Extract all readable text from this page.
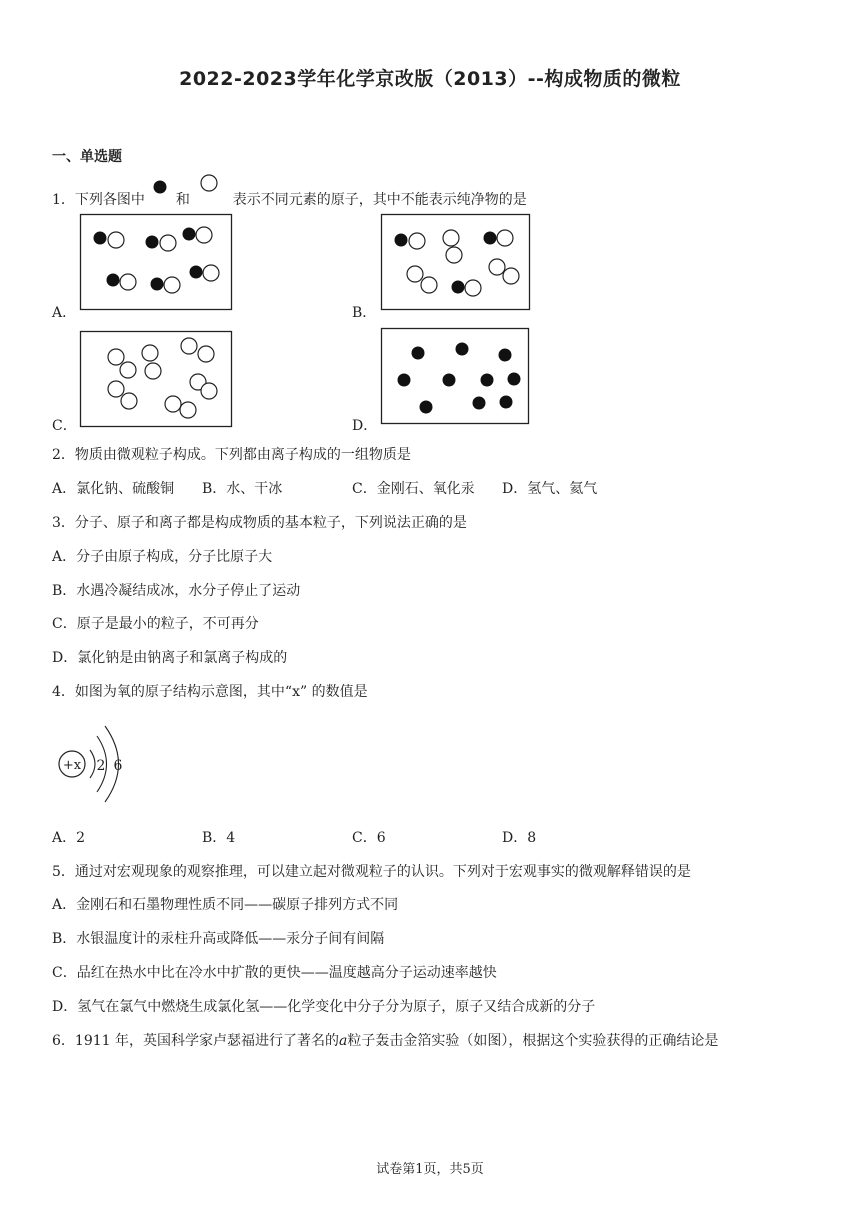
2022-2023学年化学京改版（2013）--构成物质的微粒
一、单选题
1．下列各图中 和	表示不同元素的原子，其中不能表示纯净物的是
A．	B．
C．	D．
2．物质由微观粒子构成。下列都由离子构成的一组物质是
A．氯化钠、硫酸铜 B．水、干冰	C．金刚石、氧化汞 D．氢气、氦气
3．分子、原子和离子都是构成物质的基本粒子，下列说法正确的是
A．分子由原子构成，分子比原子大
B．水遇冷凝结成冰，水分子停止了运动
C．原子是最小的粒子，不可再分
D．氯化钠是由钠离子和氯离子构成的
4．如图为氧的原子结构示意图，其中“x” 的数值是
+x 2 6
A．2	B．4	C．6	D．8
5．通过对宏观现象的观察推理，可以建立起对微观粒子的认识。下列对于宏观事实的微观解释错误的是
A．金刚石和石墨物理性质不同——碳原子排列方式不同
B．水银温度计的汞柱升高或降低——汞分子间有间隔
C．品红在热水中比在冷水中扩散的更快——温度越高分子运动速率越快
D．氢气在氯气中燃烧生成氯化氢——化学变化中分子分为原子，原子又结合成新的分子
6．1911 年，英国科学家卢瑟福进行了著名的a粒子轰击金箔实验（如图），根据这个实验获得的正确结论是
试卷第1页，共5页
